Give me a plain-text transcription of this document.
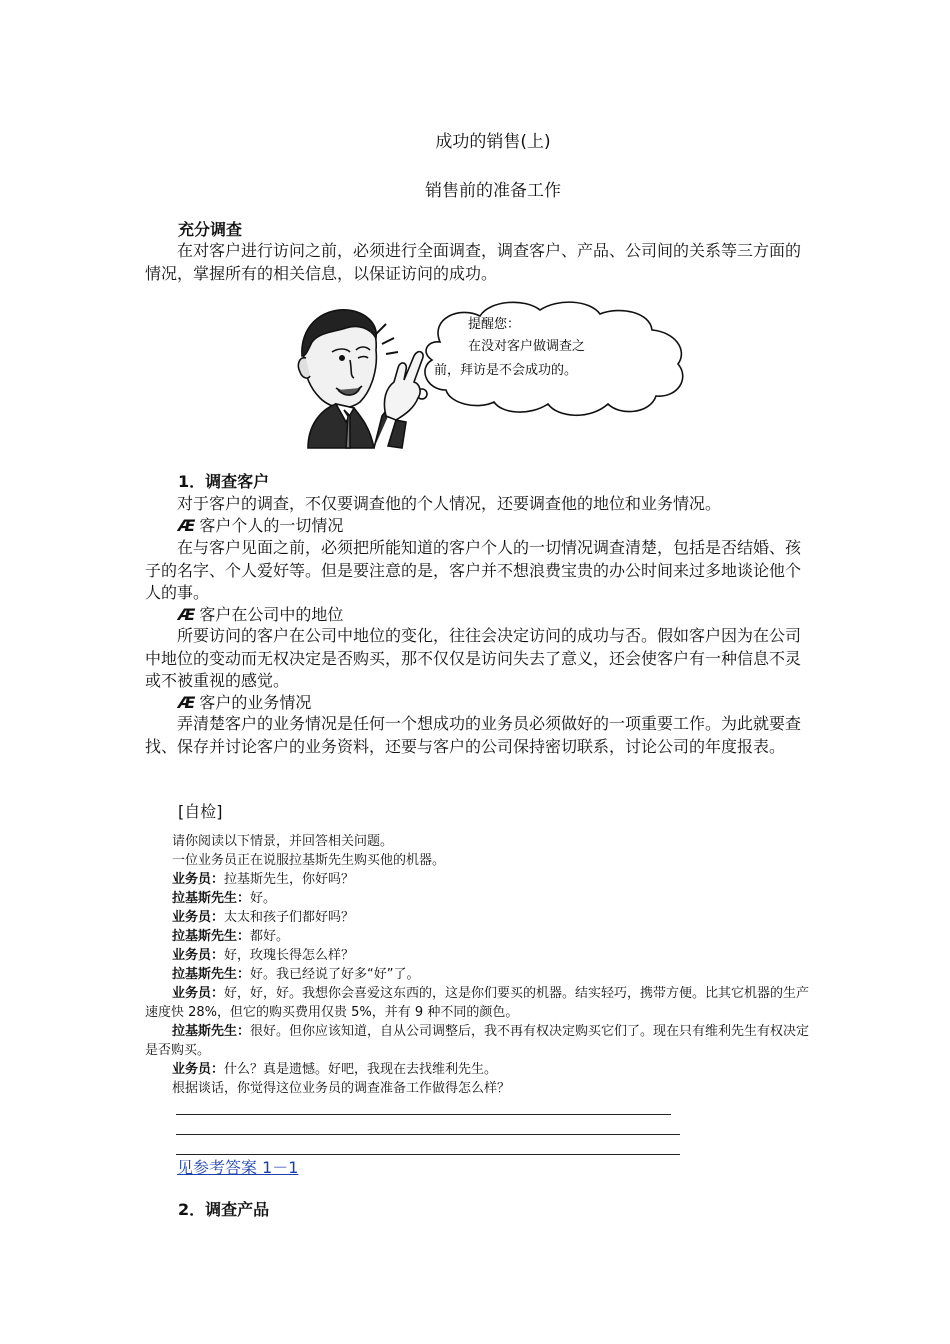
成功的销售(上)
销售前的准备工作
充分调查
在对客户进行访问之前，必须进行全面调查，调查客户、产品、公司间的关系等三方面的情况，掌握所有的相关信息，以保证访问的成功。
提醒您：
在没对客户做调查之
前，拜访是不会成功的。
1．调查客户
对于客户的调查，不仅要调查他的个人情况，还要调查他的地位和业务情况。
Æ 客户个人的一切情况
在与客户见面之前，必须把所能知道的客户个人的一切情况调查清楚，包括是否结婚、孩子的名字、个人爱好等。但是要注意的是，客户并不想浪费宝贵的办公时间来过多地谈论他个人的事。
Æ 客户在公司中的地位
所要访问的客户在公司中地位的变化，往往会决定访问的成功与否。假如客户因为在公司中地位的变动而无权决定是否购买，那不仅仅是访问失去了意义，还会使客户有一种信息不灵或不被重视的感觉。
Æ 客户的业务情况
弄清楚客户的业务情况是任何一个想成功的业务员必须做好的一项重要工作。为此就要查找、保存并讨论客户的业务资料，还要与客户的公司保持密切联系，讨论公司的年度报表。
[自检]
请你阅读以下情景，并回答相关问题。
一位业务员正在说服拉基斯先生购买他的机器。
业务员：拉基斯先生，你好吗？
拉基斯先生：好。
业务员：太太和孩子们都好吗？
拉基斯先生：都好。
业务员：好，玫瑰长得怎么样？
拉基斯先生：好。我已经说了好多“好”了。
业务员：好，好，好。我想你会喜爱这东西的，这是你们要买的机器。结实轻巧，携带方便。比其它机器的生产速度快 28%，但它的购买费用仅贵 5%，并有 9 种不同的颜色。
拉基斯先生：很好。但你应该知道，自从公司调整后，我不再有权决定购买它们了。现在只有维利先生有权决定是否购买。
业务员：什么？真是遗憾。好吧，我现在去找维利先生。
根据谈话，你觉得这位业务员的调查准备工作做得怎么样？
见参考答案 1－1
2．调查产品
